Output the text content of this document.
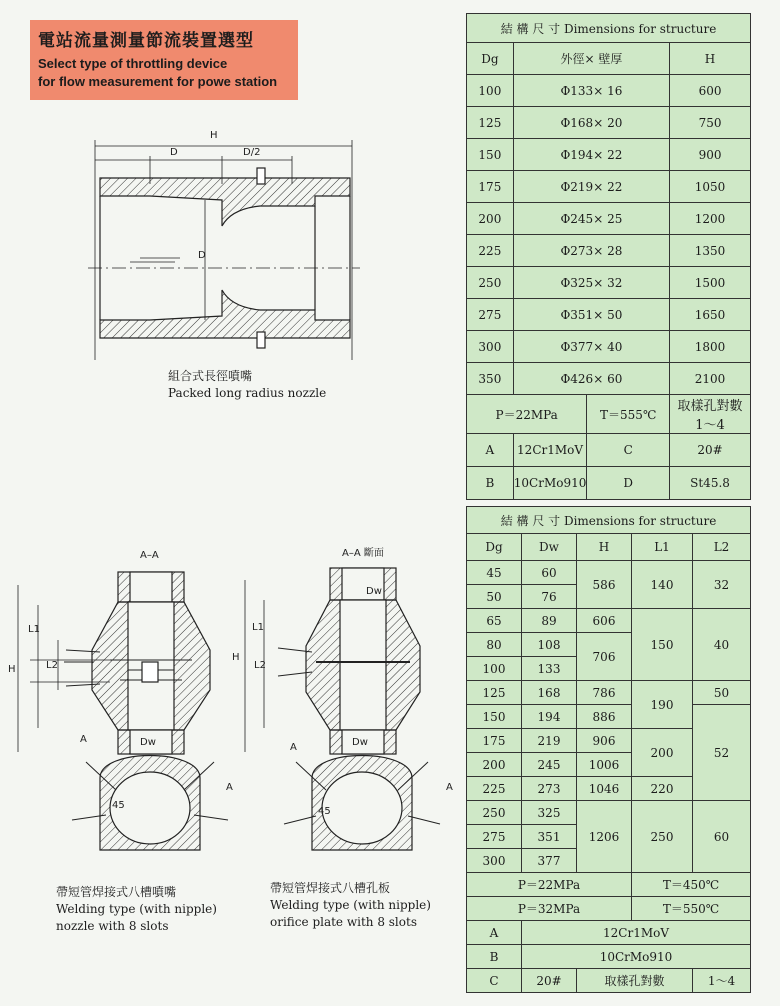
電站流量測量節流裝置選型
Select type of throttling device
for flow measurement for powe station
H
D	D/2
D
A–A	A–A 斷面
H
H
Dw	Dw
Dw
L1
L2
L1
L2
45
45
A
A
A
A
組合式長徑噴嘴
Packed long radius nozzle
帶短管焊接式八槽噴嘴
Welding type (with nipple)
nozzle with 8 slots
帶短管焊接式八槽孔板
Welding type (with nipple)
orifice plate with 8 slots
結 構 尺 寸 Dimensions for structure			
Dg	外徑× 壁厚		H
100	Φ133× 16		600
125	Φ168× 20		750
150	Φ194× 22		900
175	Φ219× 22		1050
200	Φ245× 25		1200
225	Φ273× 28		1350
250	Φ325× 32		1500
275	Φ351× 50		1650
300	Φ377× 40		1800
350	Φ426× 60		2100
P＝22MPa		T＝555℃	取樣孔對數　1～4
A	12Cr1MoV	C	20#
B	10CrMo910	D	St45.8
結 構 尺 寸 Dimensions for structure				
Dg	Dw	H	L1	L2
45	60	586	140	32
50	76			
65	89	606	150	40
80	108	706		
100	133			
125	168	786	190	50
150	194	886		52
175	219	906	200	
200	245	1006		
225	273	1046	220	
250	325	1206	250	60
275	351			
300	377			
P＝22MPa			T＝450℃	
P＝32MPa			T＝550℃	
A	12Cr1MoV			
B	10CrMo910			
C	20#	取樣孔對數		1～4
